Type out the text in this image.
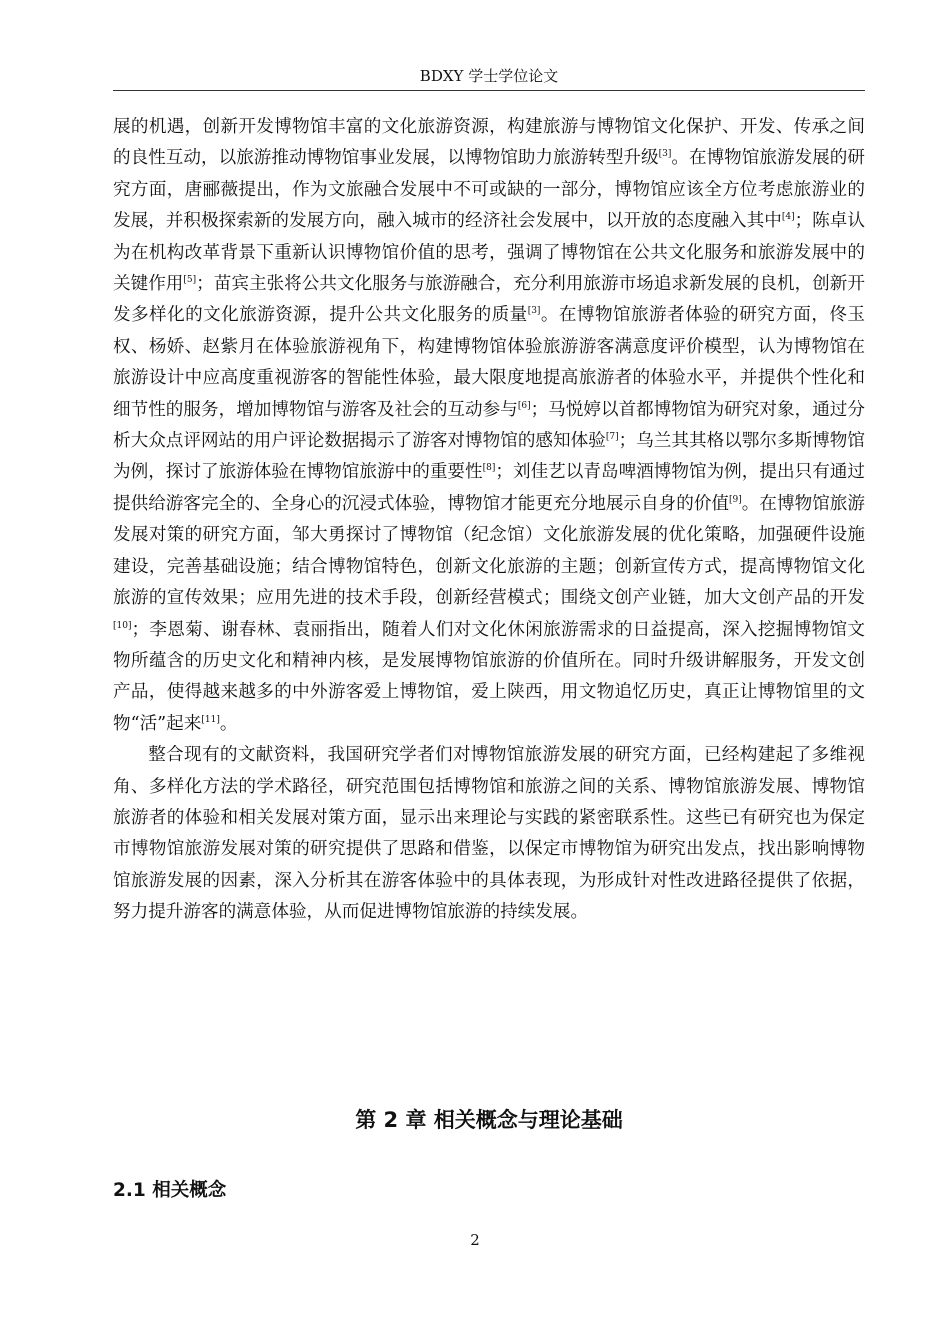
BDXY 学士学位论文

展的机遇，创新开发博物馆丰富的文化旅游资源，构建旅游与博物馆文化保护、开发、传承之间的良性互动，以旅游推动博物馆事业发展，以博物馆助力旅游转型升级[3]。在博物馆旅游发展的研究方面，唐郦薇提出，作为文旅融合发展中不可或缺的一部分，博物馆应该全方位考虑旅游业的发展，并积极探索新的发展方向，融入城市的经济社会发展中，以开放的态度融入其中[4]；陈卓认为在机构改革背景下重新认识博物馆价值的思考，强调了博物馆在公共文化服务和旅游发展中的关键作用[5]；苗宾主张将公共文化服务与旅游融合，充分利用旅游市场追求新发展的良机，创新开发多样化的文化旅游资源，提升公共文化服务的质量[3]。在博物馆旅游者体验的研究方面，佟玉权、杨娇、赵紫月在体验旅游视角下，构建博物馆体验旅游游客满意度评价模型，认为博物馆在旅游设计中应高度重视游客的智能性体验，最大限度地提高旅游者的体验水平，并提供个性化和细节性的服务，增加博物馆与游客及社会的互动参与[6]；马悦婷以首都博物馆为研究对象，通过分析大众点评网站的用户评论数据揭示了游客对博物馆的感知体验[7]；乌兰其其格以鄂尔多斯博物馆为例，探讨了旅游体验在博物馆旅游中的重要性[8]；刘佳艺以青岛啤酒博物馆为例，提出只有通过提供给游客完全的、全身心的沉浸式体验，博物馆才能更充分地展示自身的价值[9]。在博物馆旅游发展对策的研究方面，邹大勇探讨了博物馆（纪念馆）文化旅游发展的优化策略，加强硬件设施建设，完善基础设施；结合博物馆特色，创新文化旅游的主题；创新宣传方式，提高博物馆文化旅游的宣传效果；应用先进的技术手段，创新经营模式；围绕文创产业链，加大文创产品的开发[10]；李恩菊、谢春林、袁丽指出，随着人们对文化休闲旅游需求的日益提高，深入挖掘博物馆文物所蕴含的历史文化和精神内核，是发展博物馆旅游的价值所在。同时升级讲解服务，开发文创产品，使得越来越多的中外游客爱上博物馆，爱上陕西，用文物追忆历史，真正让博物馆里的文物“活”起来[11]。

整合现有的文献资料，我国研究学者们对博物馆旅游发展的研究方面，已经构建起了多维视角、多样化方法的学术路径，研究范围包括博物馆和旅游之间的关系、博物馆旅游发展、博物馆旅游者的体验和相关发展对策方面，显示出来理论与实践的紧密联系性。这些已有研究也为保定市博物馆旅游发展对策的研究提供了思路和借鉴，以保定市博物馆为研究出发点，找出影响博物馆旅游发展的因素，深入分析其在游客体验中的具体表现，为形成针对性改进路径提供了依据，努力提升游客的满意体验，从而促进博物馆旅游的持续发展。

第 2 章 相关概念与理论基础
2.1 相关概念
2
